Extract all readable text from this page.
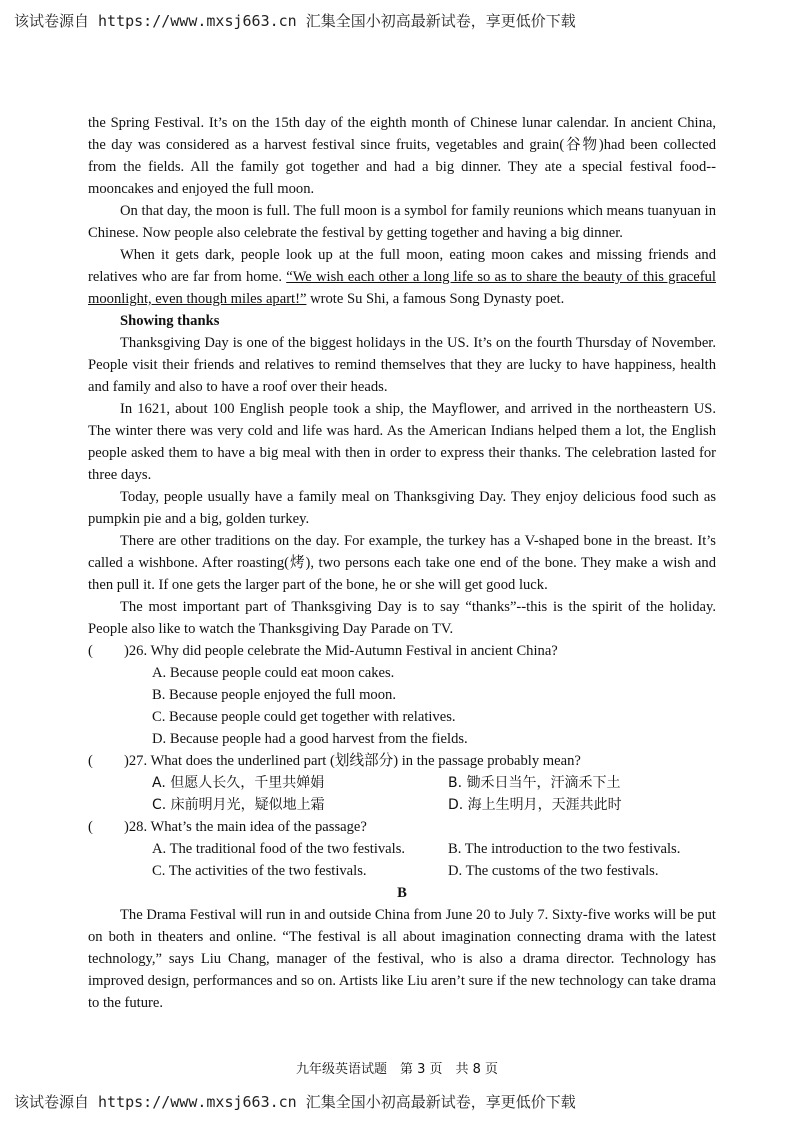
该试卷源自 https://www.mxsj663.cn 汇集全国小初高最新试卷，享更低价下载

the Spring Festival. It’s on the 15th day of the eighth month of Chinese lunar calendar. In ancient China, the day was considered as a harvest festival since fruits, vegetables and grain(谷物)had been collected from the fields. All the family got together and had a big dinner. They ate a special festival food--mooncakes and enjoyed the full moon.

On that day, the moon is full. The full moon is a symbol for family reunions which means tuanyuan in Chinese. Now people also celebrate the festival by getting together and having a big dinner.

When it gets dark, people look up at the full moon, eating moon cakes and missing friends and relatives who are far from home. “We wish each other a long life so as to share the beauty of this graceful moonlight, even though miles apart!” wrote Su Shi, a famous Song Dynasty poet.

Showing thanks

Thanksgiving Day is one of the biggest holidays in the US. It’s on the fourth Thursday of November. People visit their friends and relatives to remind themselves that they are lucky to have happiness, health and family and also to have a roof over their heads.

In 1621, about 100 English people took a ship, the Mayflower, and arrived in the northeastern US. The winter there was very cold and life was hard. As the American Indians helped them a lot, the English people asked them to have a big meal with then in order to express their thanks. The celebration lasted for three days.

Today, people usually have a family meal on Thanksgiving Day. They enjoy delicious food such as pumpkin pie and a big, golden turkey.

There are other traditions on the day. For example, the turkey has a V-shaped bone in the breast. It’s called a wishbone. After roasting(烤), two persons each take one end of the bone. They make a wish and then pull it. If one gets the larger part of the bone, he or she will get good luck.

The most important part of Thanksgiving Day is to say “thanks”--this is the spirit of the holiday. People also like to watch the Thanksgiving Day Parade on TV.

( )26. Why did people celebrate the Mid-Autumn Festival in ancient China?

A. Because people could eat moon cakes.

B. Because people enjoyed the full moon.

C. Because people could get together with relatives.

D. Because people had a good harvest from the fields.

( )27. What does the underlined part (划线部分) in the passage probably mean?

A. 但愿人长久，千里共婵娟	B. 锄禾日当午，汗滴禾下土
C. 床前明月光，疑似地上霜	D. 海上生明月，天涯共此时

( )28. What’s the main idea of the passage?

A. The traditional food of the two festivals.	B. The introduction to the two festivals.
C. The activities of the two festivals.	D. The customs of the two festivals.

B

The Drama Festival will run in and outside China from June 20 to July 7. Sixty-five works will be put on both in theaters and online. “The festival is all about imagination connecting drama with the latest technology,” says Liu Chang, manager of the festival, who is also a drama director. Technology has improved design, performances and so on. Artists like Liu aren’t sure if the new technology can take drama to the future.

九年级英语试题　第 3 页　共 8 页
该试卷源自 https://www.mxsj663.cn 汇集全国小初高最新试卷，享更低价下载
